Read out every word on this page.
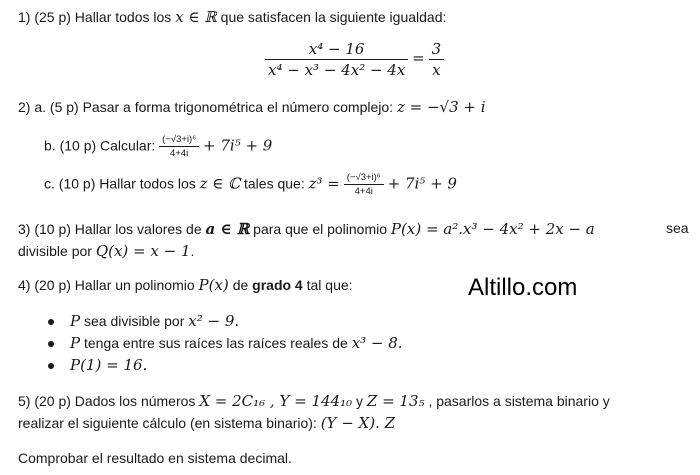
Altillo.com
1) (25 p) Hallar todos los x ∈ ℝ que satisfacen la siguiente igualdad:
$\frac{\text{x⁴ − 16}}{\text{x⁴ − x³ − 4x² − 4x}} = \frac{3}{x}$
2) a. (5 p) Pasar a forma trigonométrica el número complejo: z = −√3 + i
b. (10 p) Calcular: $\frac{\text{(−√3+i)⁶}}{4+4i} + 7i^5 + 9$
c. (10 p) Hallar todos los z ∈ ℂ tales que: $z^3 = \frac{\text{(−√3+i)⁶}}{4+4i} + 7i^5 + 9$
3) (10 p) Hallar los valores de a ∈ ℝ para que el polinomio P(x) = a².x³ − 4x² + 2x − a	sea
divisible por Q(x) = x − 1.
4) (20 p) Hallar un polinomio P(x) de grado 4 tal que:
P sea divisible por x² − 9.
P tenga entre sus raíces las raíces reales de x³ − 8.
P(1) = 16.
5) (20 p) Dados los números X = 2C₁₆ , Y = 144₁₀ y Z = 13₅ , pasarlos a sistema binario y
realizar el siguiente cálculo (en sistema binario): (Y − X). Z
Comprobar el resultado en sistema decimal.
